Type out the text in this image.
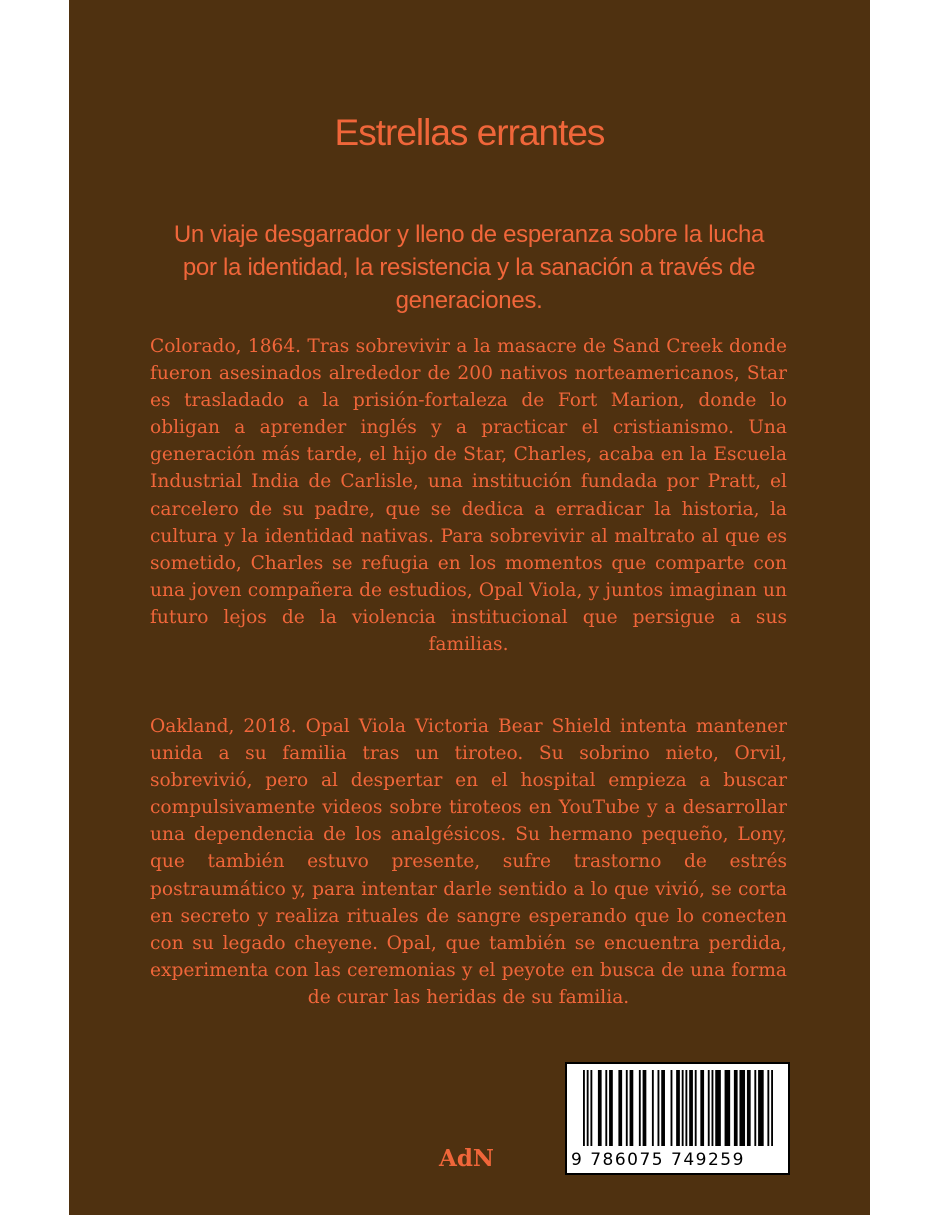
Estrellas errantes

Un viaje desgarrador y lleno de esperanza sobre la lucha por la identidad, la resistencia y la sanación a través de generaciones.

Colorado, 1864. Tras sobrevivir a la masacre de Sand Creek donde fueron asesinados alrededor de 200 nativos norteamericanos, Star es trasladado a la prisión-fortaleza de Fort Marion, donde lo obligan a aprender inglés y a practicar el cristianismo. Una generación más tarde, el hijo de Star, Charles, acaba en la Escuela Industrial India de Carlisle, una institución fundada por Pratt, el carcelero de su padre, que se dedica a erradicar la historia, la cultura y la identidad nativas. Para sobrevivir al maltrato al que es sometido, Charles se refugia en los momentos que comparte con una joven compañera de estudios, Opal Viola, y juntos imaginan un futuro lejos de la violencia institucional que persigue a sus familias.

Oakland, 2018. Opal Viola Victoria Bear Shield intenta mantener unida a su familia tras un tiroteo. Su sobrino nieto, Orvil, sobrevivió, pero al despertar en el hospital empieza a buscar compulsivamente videos sobre tiroteos en YouTube y a desarrollar una dependencia de los analgésicos. Su hermano pequeño, Lony, que también estuvo presente, sufre trastorno de estrés postraumático y, para intentar darle sentido a lo que vivió, se corta en secreto y realiza rituales de sangre esperando que lo conecten con su legado cheyene. Opal, que también se encuentra perdida, experimenta con las ceremonias y el peyote en busca de una forma de curar las heridas de su familia.

AdN	9 786075 749259
